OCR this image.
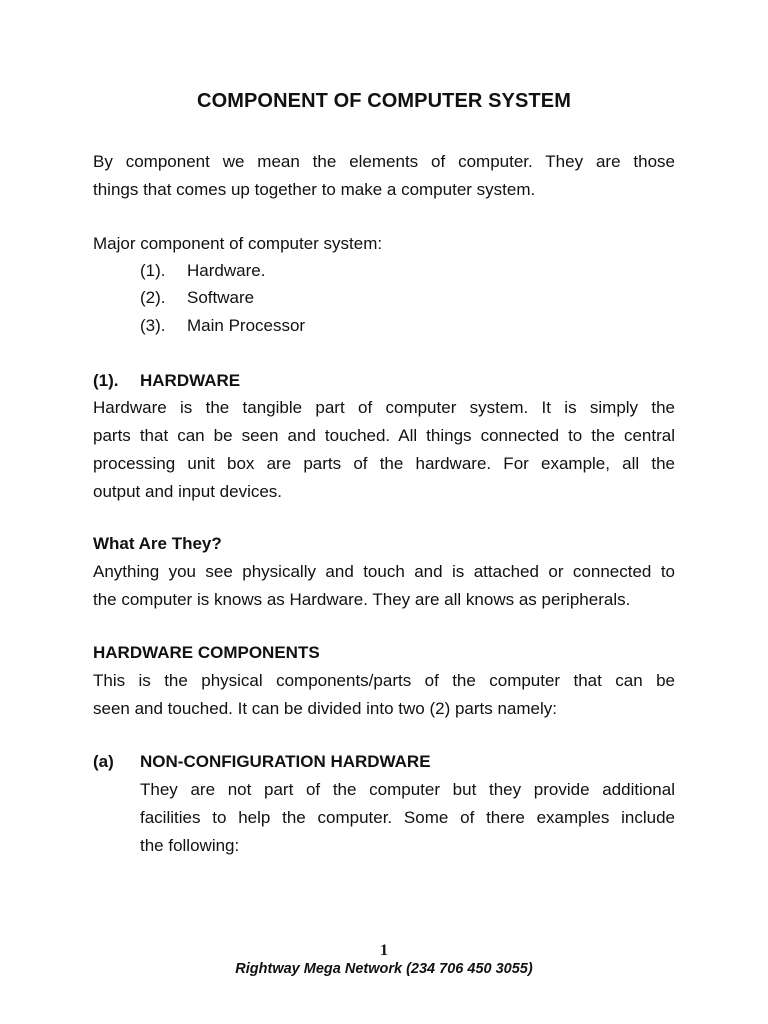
COMPONENT OF COMPUTER SYSTEM
By component we mean the elements of computer. They are those
things that comes up together to make a computer system.
Major component of computer system:
(1). Hardware.
(2). Software
(3). Main Processor
(1). HARDWARE
Hardware is the tangible part of computer system. It is simply the
parts that can be seen and touched. All things connected to the central
processing unit box are parts of the hardware. For example, all the
output and input devices.
What Are They?
Anything you see physically and touch and is attached or connected to
the computer is knows as Hardware. They are all knows as peripherals.
HARDWARE COMPONENTS
This is the physical components/parts of the computer that can be
seen and touched. It can be divided into two (2) parts namely:
(a) NON-CONFIGURATION HARDWARE
They are not part of the computer but they provide additional
facilities to help the computer. Some of there examples include
the following:
1
Rightway Mega Network (234 706 450 3055)
